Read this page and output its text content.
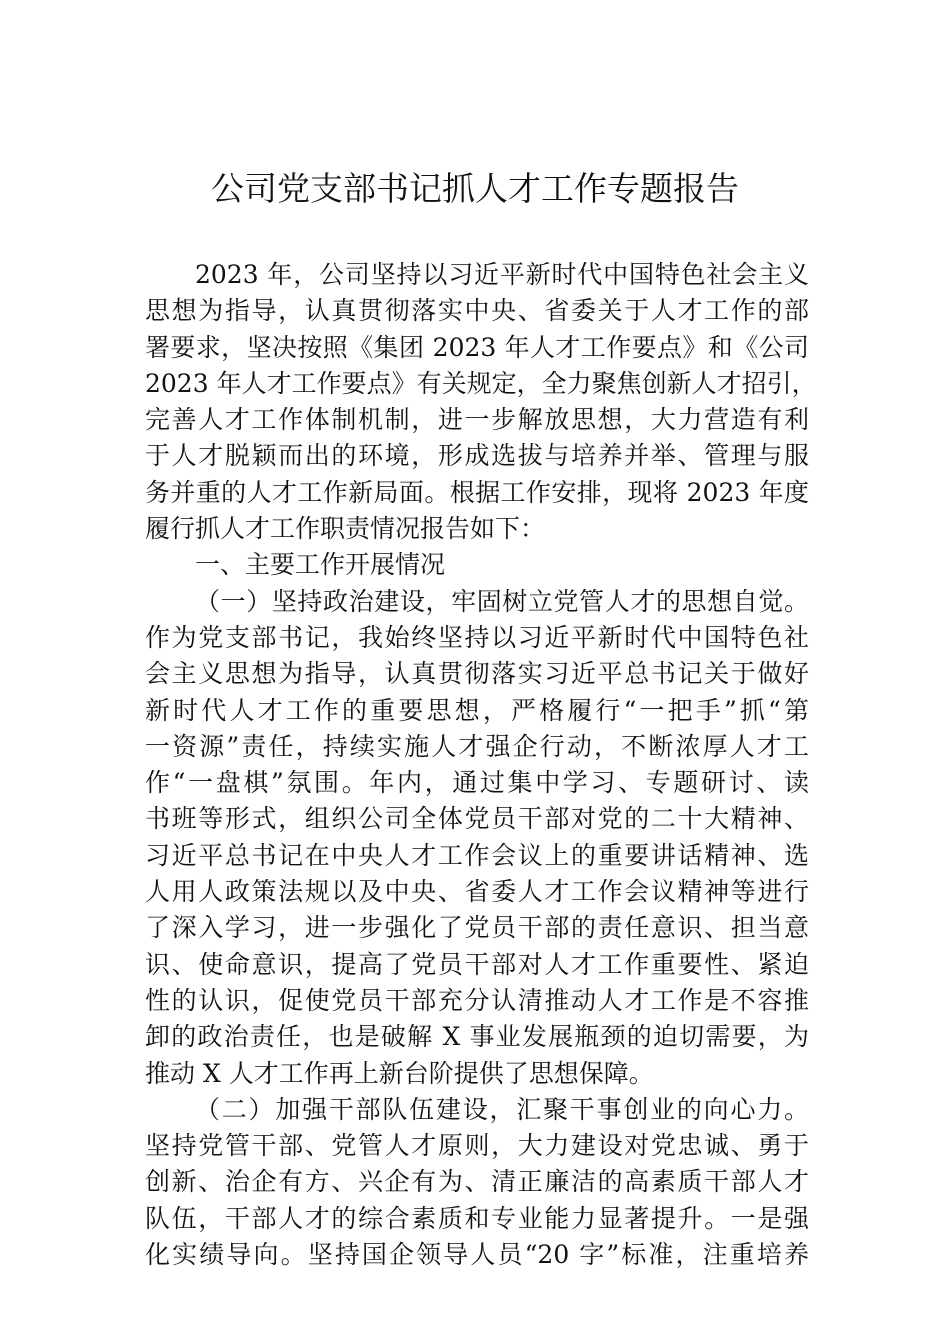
公司党支部书记抓人才工作专题报告
2023 年，公司坚持以习近平新时代中国特色社会主义
思想为指导，认真贯彻落实中央、省委关于人才工作的部
署要求，坚决按照《集团 2023 年人才工作要点》和《公司
2023 年人才工作要点》有关规定，全力聚焦创新人才招引，
完善人才工作体制机制，进一步解放思想，大力营造有利
于人才脱颖而出的环境，形成选拔与培养并举、管理与服
务并重的人才工作新局面。根据工作安排，现将 2023 年度
履行抓人才工作职责情况报告如下：
一、主要工作开展情况
（一）坚持政治建设，牢固树立党管人才的思想自觉。
作为党支部书记，我始终坚持以习近平新时代中国特色社
会主义思想为指导，认真贯彻落实习近平总书记关于做好
新时代人才工作的重要思想，严格履行“一把手”抓“第
一资源”责任，持续实施人才强企行动，不断浓厚人才工
作“一盘棋”氛围。年内，通过集中学习、专题研讨、读
书班等形式，组织公司全体党员干部对党的二十大精神、
习近平总书记在中央人才工作会议上的重要讲话精神、选
人用人政策法规以及中央、省委人才工作会议精神等进行
了深入学习，进一步强化了党员干部的责任意识、担当意
识、使命意识，提高了党员干部对人才工作重要性、紧迫
性的认识，促使党员干部充分认清推动人才工作是不容推
卸的政治责任，也是破解 X 事业发展瓶颈的迫切需要，为
推动 X 人才工作再上新台阶提供了思想保障。
（二）加强干部队伍建设，汇聚干事创业的向心力。
坚持党管干部、党管人才原则，大力建设对党忠诚、勇于
创新、治企有方、兴企有为、清正廉洁的高素质干部人才
队伍，干部人才的综合素质和专业能力显著提升。一是强
化实绩导向。坚持国企领导人员“20 字”标准，注重培养
